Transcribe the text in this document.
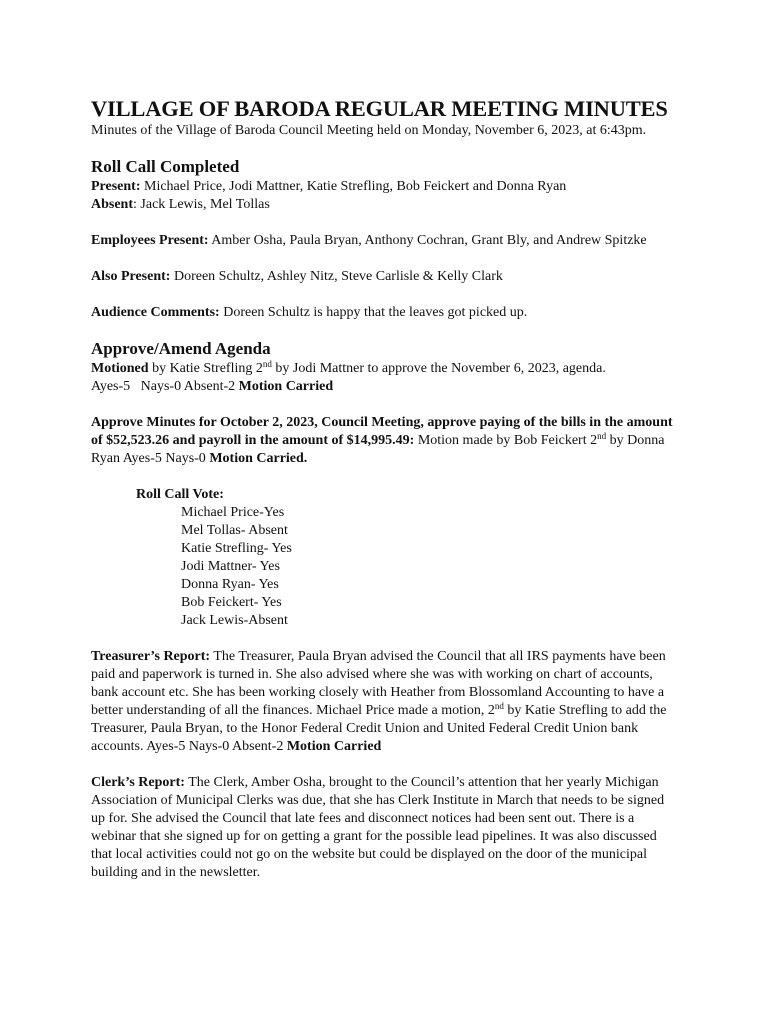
VILLAGE OF BARODA REGULAR MEETING MINUTES

Minutes of the Village of Baroda Council Meeting held on Monday, November 6, 2023, at 6:43pm.

Roll Call Completed

Present: Michael Price, Jodi Mattner, Katie Strefling, Bob Feickert and Donna Ryan

Absent: Jack Lewis, Mel Tollas

Employees Present: Amber Osha, Paula Bryan, Anthony Cochran, Grant Bly, and Andrew Spitzke

Also Present: Doreen Schultz, Ashley Nitz, Steve Carlisle & Kelly Clark

Audience Comments: Doreen Schultz is happy that the leaves got picked up.

Approve/Amend Agenda

Motioned by Katie Strefling 2nd by Jodi Mattner to approve the November 6, 2023, agenda.

Ayes-5   Nays-0 Absent-2 Motion Carried

Approve Minutes for October 2, 2023, Council Meeting, approve paying of the bills in the amount of $52,523.26 and payroll in the amount of $14,995.49: Motion made by Bob Feickert 2nd by Donna Ryan Ayes-5 Nays-0 Motion Carried.

Roll Call Vote:
Michael Price-Yes
Mel Tollas- Absent
Katie Strefling- Yes
Jodi Mattner- Yes
Donna Ryan- Yes
Bob Feickert- Yes
Jack Lewis-Absent

Treasurer’s Report: The Treasurer, Paula Bryan advised the Council that all IRS payments have been paid and paperwork is turned in. She also advised where she was with working on chart of accounts, bank account etc. She has been working closely with Heather from Blossomland Accounting to have a better understanding of all the finances. Michael Price made a motion, 2nd by Katie Strefling to add the Treasurer, Paula Bryan, to the Honor Federal Credit Union and United Federal Credit Union bank accounts. Ayes-5 Nays-0 Absent-2 Motion Carried

Clerk’s Report: The Clerk, Amber Osha, brought to the Council’s attention that her yearly Michigan Association of Municipal Clerks was due, that she has Clerk Institute in March that needs to be signed up for. She advised the Council that late fees and disconnect notices had been sent out. There is a webinar that she signed up for on getting a grant for the possible lead pipelines. It was also discussed that local activities could not go on the website but could be displayed on the door of the municipal building and in the newsletter.
